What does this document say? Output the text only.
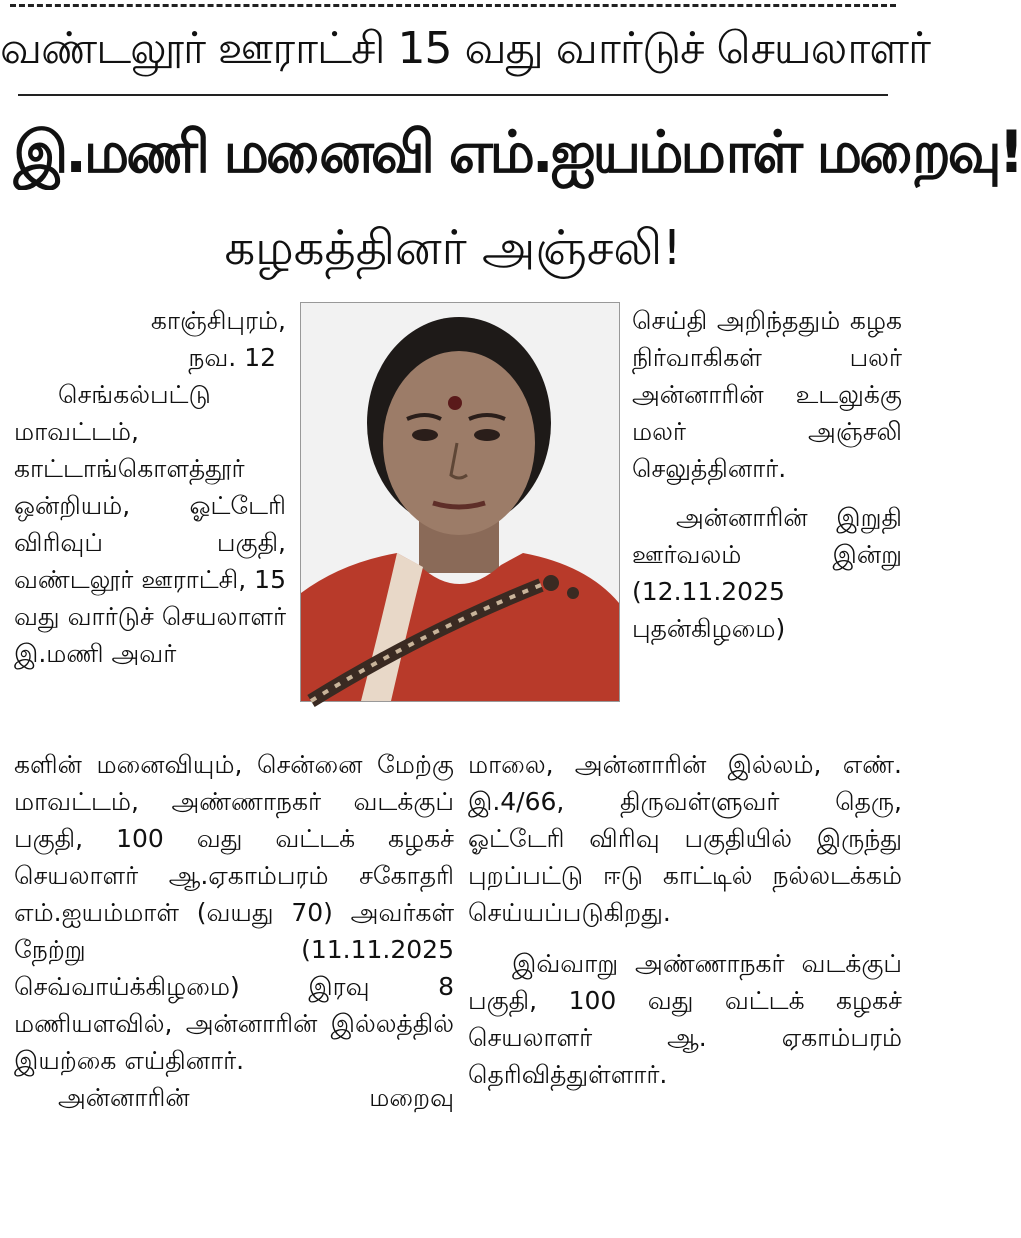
வண்டலூர் ஊராட்சி 15 வது வார்டுச் செயலாளர்
இ.மணி மனைவி எம்.ஐயம்மாள் மறைவு!
கழகத்தினர் அஞ்சலி!

காஞ்சிபுரம்,

நவ. 12

செங்கல்பட்டு மாவட்டம், காட்டாங்கொளத்தூர் ஒன்றியம், ஓட்டேரி விரிவுப் பகுதி, வண்டலூர் ஊராட்சி, 15 வது வார்டுச் செயலாளர் இ.மணி அவர்

களின் மனைவியும், சென்னை மேற்கு மாவட்டம், அண்ணாநகர் வடக்குப் பகுதி, 100 வது வட்டக் கழகச் செயலாளர் ஆ.ஏகாம்பரம் சகோதரி எம்.ஐயம்மாள் (வயது 70) அவர்கள் நேற்று (11.11.2025 செவ்வாய்க்கிழமை) இரவு 8 மணியளவில், அன்னாரின் இல்லத்தில் இயற்கை எய்தினார்.

அன்னாரின் மறைவு

செய்தி அறிந்ததும் கழக நிர்வாகிகள் பலர் அன்னாரின் உடலுக்கு மலர் அஞ்சலி செலுத்தினார்.

அன்னாரின் இறுதி ஊர்வலம் இன்று (12.11.2025 புதன்கிழமை)

மாலை, அன்னாரின் இல்லம், எண். இ.4/66, திருவள்ளுவர் தெரு, ஓட்டேரி விரிவு பகுதியில் இருந்து புறப்பட்டு ஈடு காட்டில் நல்லடக்கம் செய்யப்படுகிறது.

இவ்வாறு அண்ணாநகர் வடக்குப் பகுதி, 100 வது வட்டக் கழகச் செயலாளர் ஆ. ஏகாம்பரம் தெரிவித்துள்ளார்.
